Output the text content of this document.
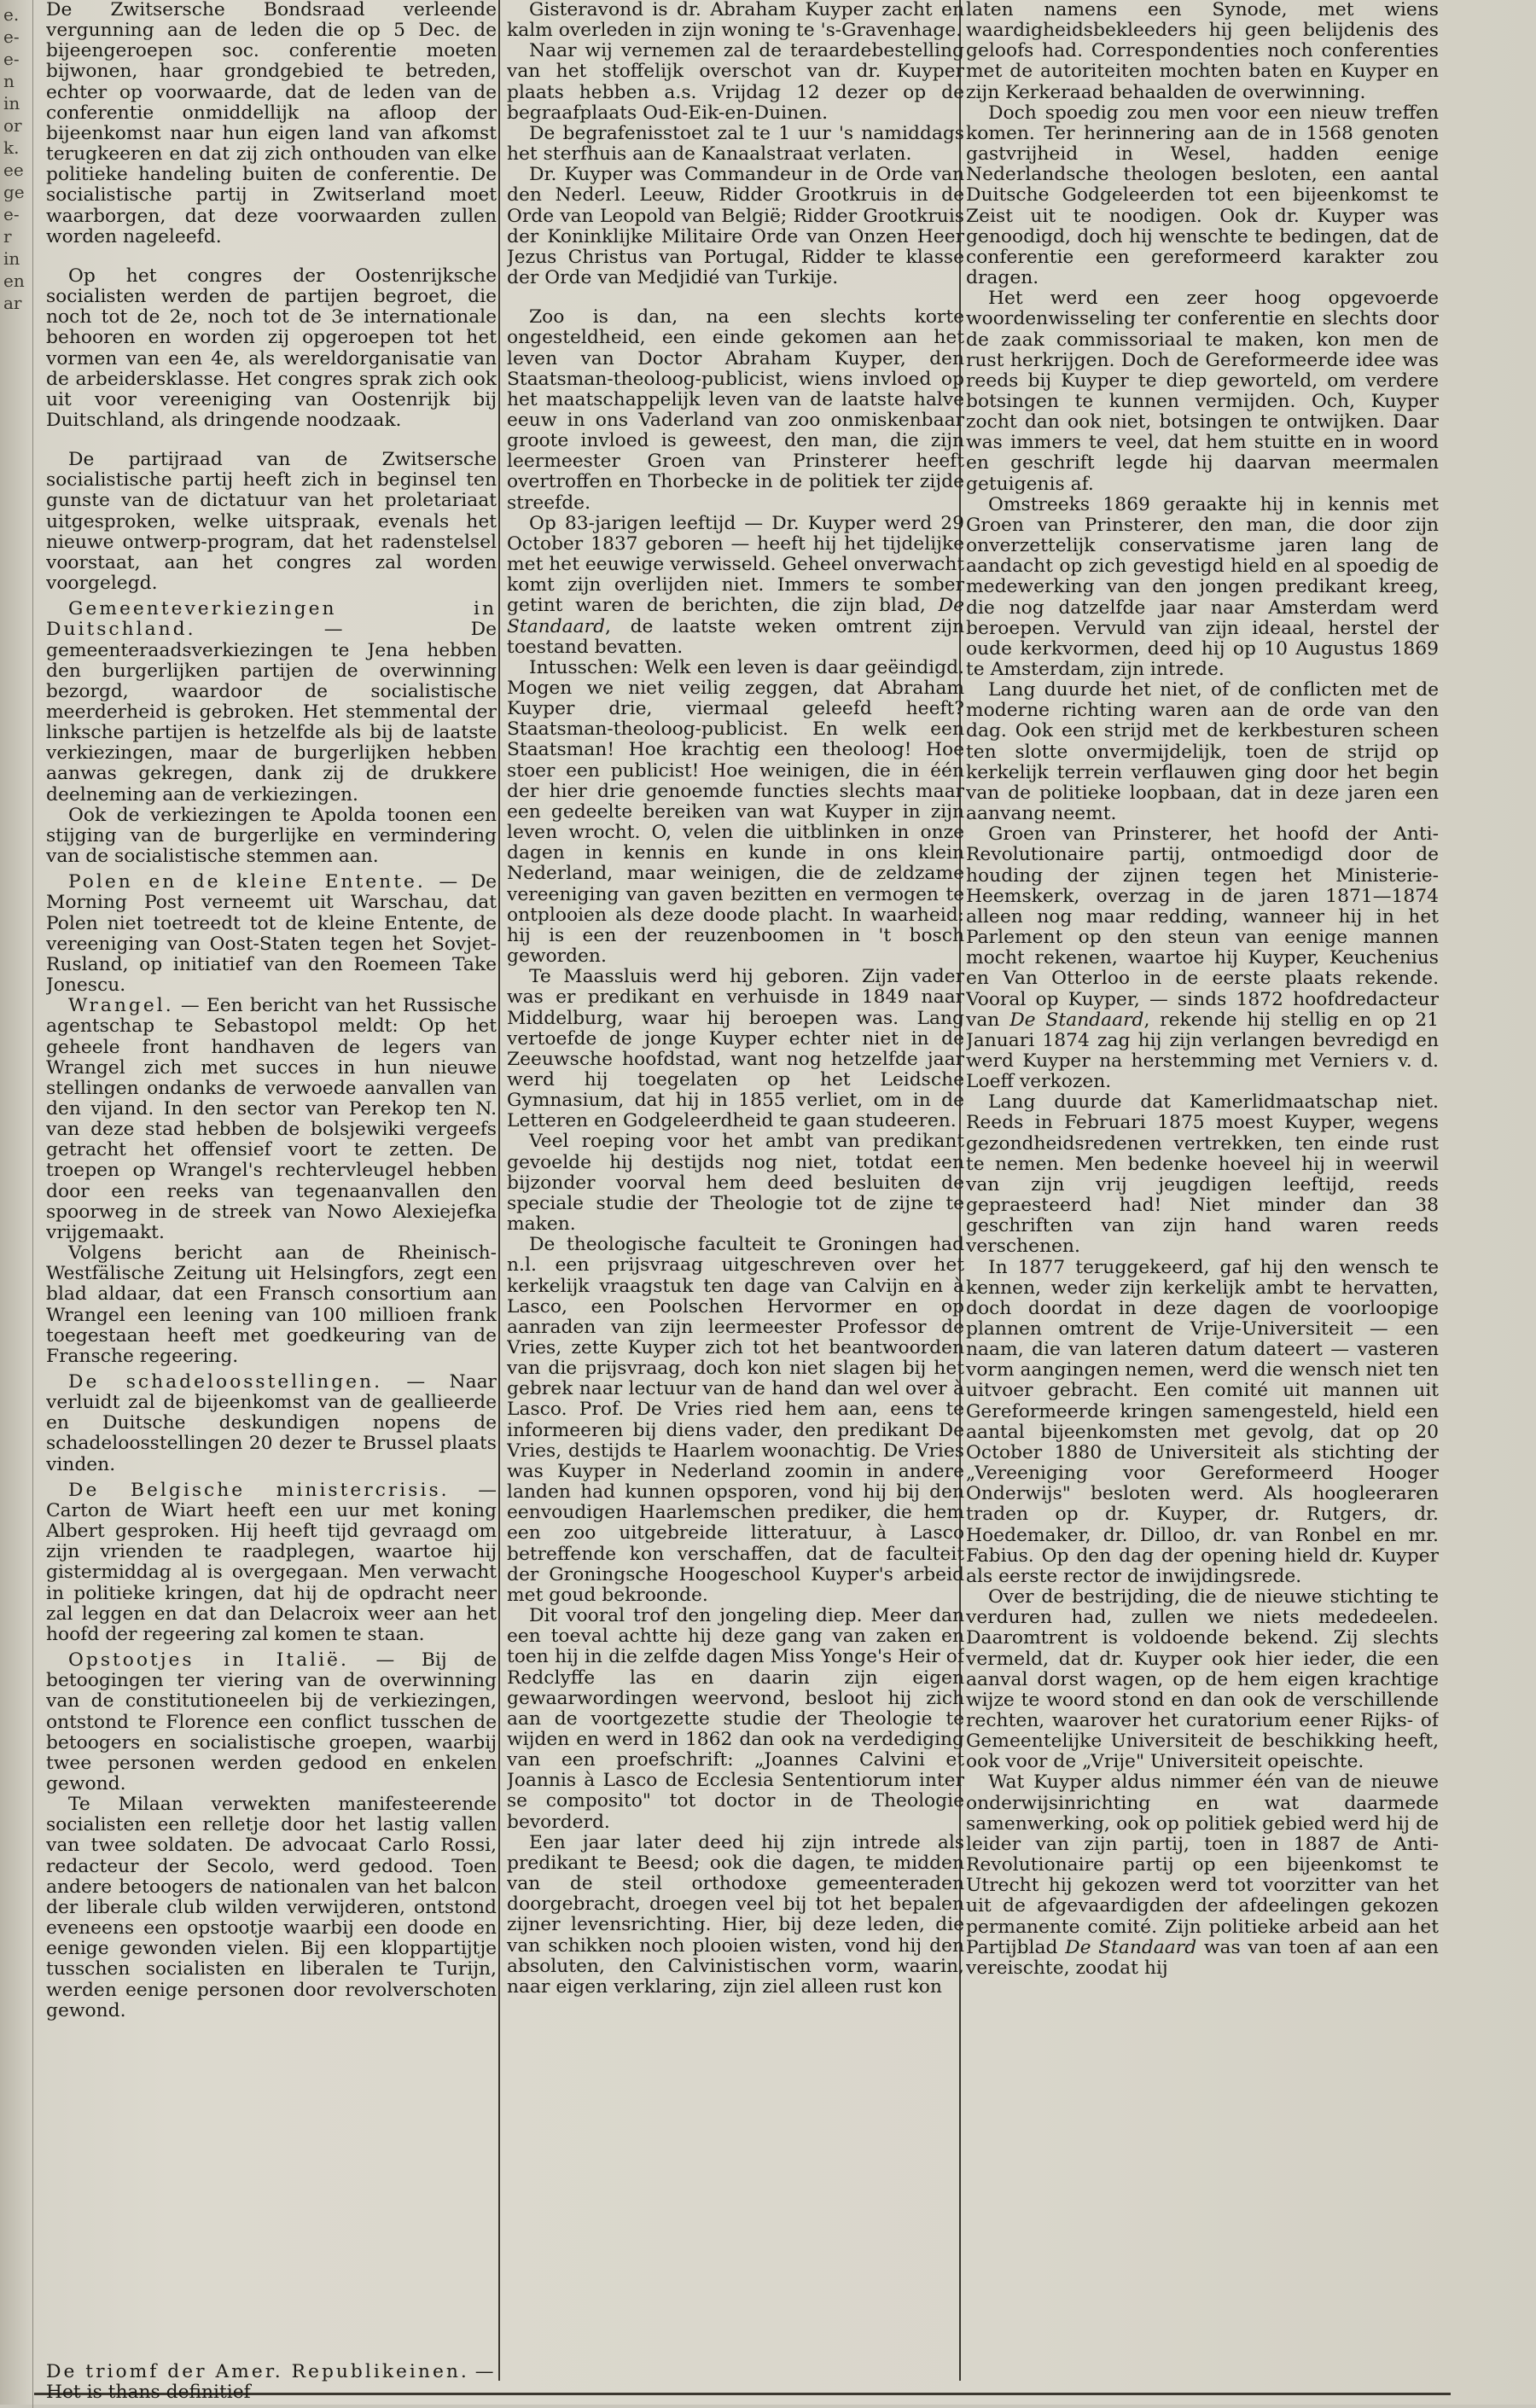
e.
e-
e-
n
in
or
k.
ee
ge
e-
r
in
en
ar

De Zwitsersche Bondsraad verleende vergunning aan de leden die op 5 Dec. de bijeengeroepen soc. conferentie moeten bijwonen, haar grondgebied te betreden, echter op voorwaarde, dat de leden van de conferentie onmiddellijk na afloop der bijeenkomst naar hun eigen land van afkomst terugkeeren en dat zij zich onthouden van elke politieke handeling buiten de conferentie. De socialistische partij in Zwitserland moet waarborgen, dat deze voorwaarden zullen worden nageleefd.

Op het congres der Oostenrijksche socialisten werden de partijen begroet, die noch tot de 2e, noch tot de 3e internationale behooren en worden zij opgeroepen tot het vormen van een 4e, als wereldorganisatie van de arbeidersklasse. Het congres sprak zich ook uit voor vereeniging van Oostenrijk bij Duitschland, als dringende noodzaak.

De partijraad van de Zwitsersche socialistische partij heeft zich in beginsel ten gunste van de dictatuur van het proletariaat uitgesproken, welke uitspraak, evenals het nieuwe ontwerp-program, dat het radenstelsel voorstaat, aan het congres zal worden voorgelegd.

Gemeenteverkiezingen in Duitschland.	— De gemeenteraadsverkiezingen te Jena hebben den burgerlijken partijen de overwinning bezorgd, waardoor de socialistische meerderheid is gebroken. Het stemmental der linksche partijen is hetzelfde als bij de laatste verkiezingen, maar de burgerlijken hebben aanwas gekregen, dank zij de drukkere deelneming aan de verkiezingen.

Ook de verkiezingen te Apolda toonen een stijging van de burgerlijke en vermindering van de socialistische stemmen aan.

Polen en de kleine Entente. — De Morning Post verneemt uit Warschau, dat Polen niet toetreedt tot de kleine Entente, de vereeniging van Oost-Staten tegen het Sovjet-Rusland, op initiatief van den Roemeen Take Jonescu.

Wrangel. — Een bericht van het Russische agentschap te Sebastopol meldt: Op het geheele front handhaven de legers van Wrangel zich met succes in hun nieuwe stellingen ondanks de verwoede aanvallen van den vijand. In den sector van Perekop ten N. van deze stad hebben de bolsjewiki vergeefs getracht het offensief voort te zetten. De troepen op Wrangel's rechtervleugel hebben door een reeks van tegenaanvallen den spoorweg in de streek van Nowo Alexiejefka vrijgemaakt.

Volgens bericht aan de Rheinisch-Westfälische Zeitung uit Helsingfors, zegt een blad aldaar, dat een Fransch consortium aan Wrangel een leening van 100 millioen frank toegestaan heeft met goedkeuring van de Fransche regeering.

De schadeloosstellingen. — Naar verluidt zal de bijeenkomst van de geallieerde en Duitsche deskundigen nopens de schadeloosstellingen 20 dezer te Brussel plaats vinden.

De Belgische ministercrisis. — Carton de Wiart heeft een uur met koning Albert gesproken. Hij heeft tijd gevraagd om zijn vrienden te raadplegen, waartoe hij gistermiddag al is overgegaan. Men verwacht in politieke kringen, dat hij de opdracht neer zal leggen en dat dan Delacroix weer aan het hoofd der regeering zal komen te staan.

Opstootjes in Italië. — Bij de betoogingen ter viering van de overwinning van de constitutioneelen bij de verkiezingen, ontstond te Florence een conflict tusschen de betoogers en socialistische groepen, waarbij twee personen werden gedood en enkelen gewond.

Te Milaan verwekten manifesteerende socialisten een relletje door het lastig vallen van twee soldaten. De advocaat Carlo Rossi, redacteur der Secolo, werd gedood. Toen andere betoogers de nationalen van het balcon der liberale club wilden verwijderen, ontstond eveneens een opstootje waarbij een doode en eenige gewonden vielen. Bij een kloppartijtje tusschen socialisten en liberalen te Turijn, werden eenige personen door revolverschoten gewond.

De triomf der Amer. Republikeinen. — Het is thans definitief

Gisteravond is dr. Abraham Kuyper zacht en kalm overleden in zijn woning te 's-Gravenhage.

Naar wij vernemen zal de teraardebestelling van het stoffelijk overschot van dr. Kuyper plaats hebben a.s. Vrijdag 12 dezer op de begraafplaats Oud-Eik-en-Duinen.

De begrafenisstoet zal te 1 uur 's namiddags het sterfhuis aan de Kanaalstraat verlaten.

Dr. Kuyper was Commandeur in de Orde van den Nederl. Leeuw, Ridder Grootkruis in de Orde van Leopold van België; Ridder Grootkruis der Koninklijke Militaire Orde van Onzen Heer Jezus Christus van Portugal, Ridder te klasse der Orde van Medjidié van Turkije.

Zoo is dan, na een slechts korte ongesteldheid, een einde gekomen aan het leven van Doctor Abraham Kuyper, den Staatsman-theoloog-publicist, wiens invloed op het maatschappelijk leven van de laatste halve eeuw in ons Vaderland van zoo onmiskenbaar groote invloed is geweest, den man, die zijn leermeester Groen van Prinsterer heeft overtroffen en Thorbecke in de politiek ter zijde streefde.

Op 83-jarigen leeftijd — Dr. Kuyper werd 29 October 1837 geboren — heeft hij het tijdelijke met het eeuwige verwisseld. Geheel onverwacht komt zijn overlijden niet. Immers te somber getint waren de berichten, die zijn blad, De Standaard, de laatste weken omtrent zijn toestand bevatten.

Intusschen: Welk een leven is daar geëindigd. Mogen we niet veilig zeggen, dat Abraham Kuyper drie, viermaal geleefd heeft? Staatsman-theoloog-publicist. En welk een Staatsman! Hoe krachtig een theoloog! Hoe stoer een publicist! Hoe weinigen, die in één der hier drie genoemde functies slechts maar een gedeelte bereiken van wat Kuyper in zijn leven wrocht. O, velen die uitblinken in onze dagen in kennis en kunde in ons klein Nederland, maar weinigen, die de zeldzame vereeniging van gaven bezitten en vermogen te ontplooien als deze doode placht. In waarheid: hij is een der reuzenboomen in 't bosch geworden.

Te Maassluis werd hij geboren. Zijn vader was er predikant en verhuisde in 1849 naar Middelburg, waar hij beroepen was. Lang vertoefde de jonge Kuyper echter niet in de Zeeuwsche hoofdstad, want nog hetzelfde jaar werd hij toegelaten op het Leidsche Gymnasium, dat hij in 1855 verliet, om in de Letteren en Godgeleerdheid te gaan studeeren.

Veel roeping voor het ambt van predikant gevoelde hij destijds nog niet, totdat een bijzonder voorval hem deed besluiten de speciale studie der Theologie tot de zijne te maken.

De theologische faculteit te Groningen had n.l. een prijsvraag uitgeschreven over het kerkelijk vraagstuk ten dage van Calvijn en à Lasco, een Poolschen Hervormer en op aanraden van zijn leermeester Professor de Vries, zette Kuyper zich tot het beantwoorden van die prijsvraag, doch kon niet slagen bij het gebrek naar lectuur van de hand dan wel over à Lasco. Prof. De Vries ried hem aan, eens te informeeren bij diens vader, den predikant De Vries, destijds te Haarlem woonachtig. De Vries was Kuyper in Nederland zoomin in andere landen had kunnen opsporen, vond hij bij den eenvoudigen Haarlemschen prediker, die hem een zoo uitgebreide litteratuur, à Lasco betreffende kon verschaffen, dat de faculteit der Groningsche Hoogeschool Kuyper's arbeid met goud bekroonde.

Dit vooral trof den jongeling diep. Meer dan een toeval achtte hij deze gang van zaken en toen hij in die zelfde dagen Miss Yonge's Heir of Redclyffe las en daarin zijn eigen gewaarwordingen weervond, besloot hij zich aan de voortgezette studie der Theologie te wijden en werd in 1862 dan ook na verdediging van een proefschrift: „Joannes Calvini et Joannis à Lasco de Ecclesia Sententiorum inter se composito" tot doctor in de Theologie bevorderd.

Een jaar later deed hij zijn intrede als predikant te Beesd; ook die dagen, te midden van de steil orthodoxe gemeenteraden doorgebracht, droegen veel bij tot het bepalen zijner levensrichting. Hier, bij deze leden, die van schikken noch plooien wisten, vond hij den absoluten, den Calvinistischen vorm, waarin, naar eigen verklaring, zijn ziel alleen rust kon

laten namens een Synode, met wiens waardigheidsbekleeders hij geen belijdenis des geloofs had. Correspondenties noch conferenties met de autoriteiten mochten baten en Kuyper en zijn Kerkeraad behaalden de overwinning.

Doch spoedig zou men voor een nieuw treffen komen. Ter herinnering aan de in 1568 genoten gastvrijheid in Wesel, hadden eenige Nederlandsche theologen besloten, een aantal Duitsche Godgeleerden tot een bijeenkomst te Zeist uit te noodigen. Ook dr. Kuyper was genoodigd, doch hij wenschte te bedingen, dat de conferentie een gereformeerd karakter zou dragen.

Het werd een zeer hoog opgevoerde woordenwisseling ter conferentie en slechts door de zaak commissoriaal te maken, kon men de rust herkrijgen. Doch de Gereformeerde idee was reeds bij Kuyper te diep geworteld, om verdere botsingen te kunnen vermijden. Och, Kuyper zocht dan ook niet, botsingen te ontwijken. Daar was immers te veel, dat hem stuitte en in woord en geschrift legde hij daarvan meermalen getuigenis af.

Omstreeks 1869 geraakte hij in kennis met Groen van Prinsterer, den man, die door zijn onverzettelijk conservatisme jaren lang de aandacht op zich gevestigd hield en al spoedig de medewerking van den jongen predikant kreeg, die nog datzelfde jaar naar Amsterdam werd beroepen. Vervuld van zijn ideaal, herstel der oude kerkvormen, deed hij op 10 Augustus 1869 te Amsterdam, zijn intrede.

Lang duurde het niet, of de conflicten met de moderne richting waren aan de orde van den dag. Ook een strijd met de kerkbesturen scheen ten slotte onvermijdelijk, toen de strijd op kerkelijk terrein verflauwen ging door het begin van de politieke loopbaan, dat in deze jaren een aanvang neemt.

Groen van Prinsterer, het hoofd der Anti-Revolutionaire partij, ontmoedigd door de houding der zijnen tegen het Ministerie-Heemskerk, overzag in de jaren 1871—1874 alleen nog maar redding, wanneer hij in het Parlement op den steun van eenige mannen mocht rekenen, waartoe hij Kuyper, Keuchenius en Van Otterloo in de eerste plaats rekende. Vooral op Kuyper, — sinds 1872 hoofdredacteur van De Standaard, rekende hij stellig en op 21 Januari 1874 zag hij zijn verlangen bevredigd en werd Kuyper na herstemming met Verniers v. d. Loeff verkozen.

Lang duurde dat Kamerlidmaatschap niet. Reeds in Februari 1875 moest Kuyper, wegens gezondheidsredenen vertrekken, ten einde rust te nemen. Men bedenke hoeveel hij in weerwil van zijn vrij jeugdigen leeftijd, reeds gepraesteerd had! Niet minder dan 38 geschriften van zijn hand waren reeds verschenen.

In 1877 teruggekeerd, gaf hij den wensch te kennen, weder zijn kerkelijk ambt te hervatten, doch doordat in deze dagen de voorloopige plannen omtrent de Vrije-Universiteit — een naam, die van lateren datum dateert — vasteren vorm aangingen nemen, werd die wensch niet ten uitvoer gebracht. Een comité uit mannen uit Gereformeerde kringen samengesteld, hield een aantal bijeenkomsten met gevolg, dat op 20 October 1880 de Universiteit als stichting der „Vereeniging voor Gereformeerd Hooger Onderwijs" besloten werd. Als hoogleeraren traden op dr. Kuyper, dr. Rutgers, dr. Hoedemaker, dr. Dilloo, dr. van Ronbel en mr. Fabius. Op den dag der opening hield dr. Kuyper als eerste rector de inwijdingsrede.

Over de bestrijding, die de nieuwe stichting te verduren had, zullen we niets mededeelen. Daaromtrent is voldoende bekend. Zij slechts vermeld, dat dr. Kuyper ook hier ieder, die een aanval dorst wagen, op de hem eigen krachtige wijze te woord stond en dan ook de verschillende rechten, waarover het curatorium eener Rijks- of Gemeentelijke Universiteit de beschikking heeft, ook voor de „Vrije" Universiteit opeischte.

Wat Kuyper aldus nimmer één van de nieuwe onderwijsinrichting en wat daarmede samenwerking, ook op politiek gebied werd hij de leider van zijn partij, toen in 1887 de Anti-Revolutionaire partij op een bijeenkomst te Utrecht hij gekozen werd tot voorzitter van het uit de afgevaardigden der afdeelingen gekozen permanente comité. Zijn politieke arbeid aan het Partijblad De Standaard was van toen af aan een vereischte, zoodat hij
